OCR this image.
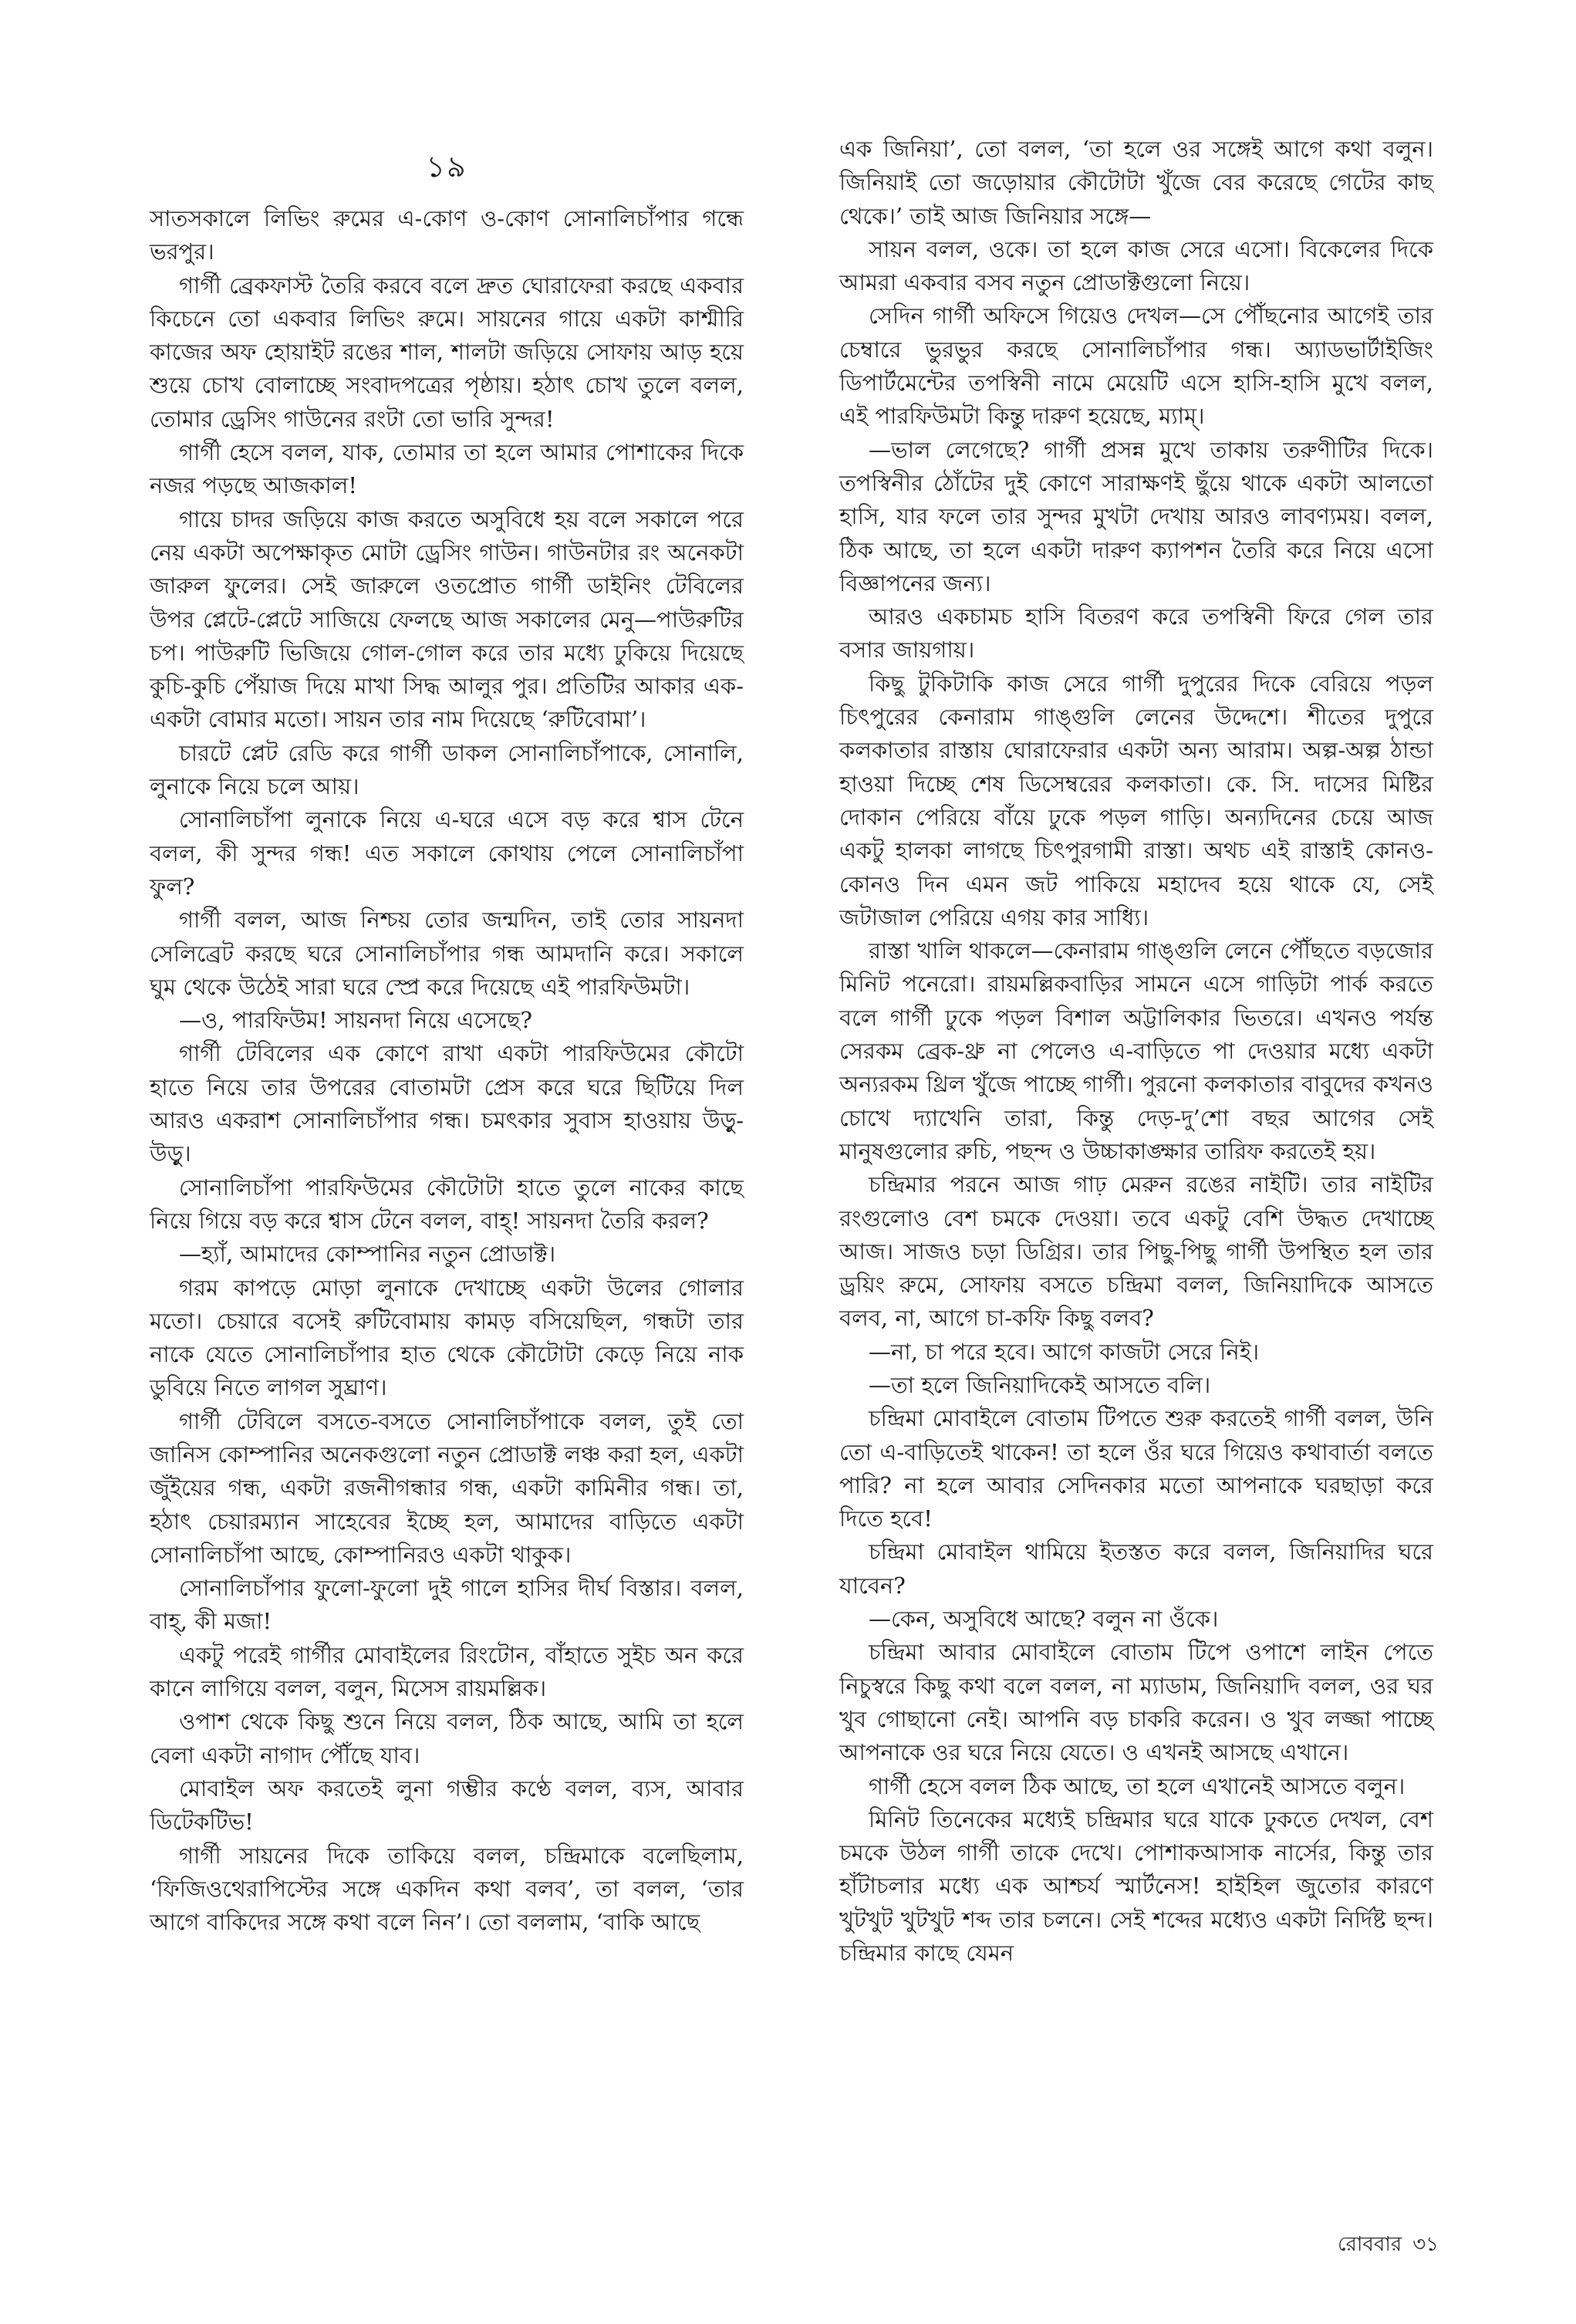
১৯

সাতসকালে লিভিং রুমের এ-কোণ ও-কোণ সোনালিচাঁপার গন্ধে ভরপুর।

গার্গী ব্রেকফাস্ট তৈরি করবে বলে দ্রুত ঘোরাফেরা করছে একবার কিচেনে তো একবার লিভিং রুমে। সায়নের গায়ে একটা কাশ্মীরি কাজের অফ হোয়াইট রঙের শাল, শালটা জড়িয়ে সোফায় আড় হয়ে শুয়ে চোখ বোলাচ্ছে সংবাদপত্রের পৃষ্ঠায়। হঠাৎ চোখ তুলে বলল, তোমার ড্রেসিং গাউনের রংটা তো ভারি সুন্দর!

গার্গী হেসে বলল, যাক, তোমার তা হলে আমার পোশাকের দিকে নজর পড়ছে আজকাল!

গায়ে চাদর জড়িয়ে কাজ করতে অসুবিধে হয় বলে সকালে পরে নেয় একটা অপেক্ষাকৃত মোটা ড্রেসিং গাউন। গাউনটার রং অনেকটা জারুল ফুলের। সেই জারুলে ওতপ্রোত গার্গী ডাইনিং টেবিলের উপর প্লেটে-প্লেটে সাজিয়ে ফেলছে আজ সকালের মেনু—পাউরুটির চপ। পাউরুটি ভিজিয়ে গোল-গোল করে তার মধ্যে ঢুকিয়ে দিয়েছে কুচি-কুচি পেঁয়াজ দিয়ে মাখা সিদ্ধ আলুর পুর। প্রতিটির আকার এক-একটা বোমার মতো। সায়ন তার নাম দিয়েছে ‘রুটিবোমা’।

চারটে প্লেট রেডি করে গার্গী ডাকল সোনালিচাঁপাকে, সোনালি, লুনাকে নিয়ে চলে আয়।

সোনালিচাঁপা লুনাকে নিয়ে এ-ঘরে এসে বড় করে শ্বাস টেনে বলল, কী সুন্দর গন্ধ! এত সকালে কোথায় পেলে সোনালিচাঁপা ফুল?

গার্গী বলল, আজ নিশ্চয় তোর জন্মদিন, তাই তোর সায়নদা সেলিব্রেট করছে ঘরে সোনালিচাঁপার গন্ধ আমদানি করে। সকালে ঘুম থেকে উঠেই সারা ঘরে স্প্রে করে দিয়েছে এই পারফিউমটা।

—ও, পারফিউম! সায়নদা নিয়ে এসেছে?

গার্গী টেবিলের এক কোণে রাখা একটা পারফিউমের কৌটো হাতে নিয়ে তার উপরের বোতামটা প্রেস করে ঘরে ছিটিয়ে দিল আরও একরাশ সোনালিচাঁপার গন্ধ। চমৎকার সুবাস হাওয়ায় উড়ু-উড়ু।

সোনালিচাঁপা পারফিউমের কৌটোটা হাতে তুলে নাকের কাছে নিয়ে গিয়ে বড় করে শ্বাস টেনে বলল, বাহ্! সায়নদা তৈরি করল?

—হ্যাঁ, আমাদের কোম্পানির নতুন প্রোডাক্ট।

গরম কাপড়ে মোড়া লুনাকে দেখাচ্ছে একটা উলের গোলার মতো। চেয়ারে বসেই রুটিবোমায় কামড় বসিয়েছিল, গন্ধটা তার নাকে যেতে সোনালিচাঁপার হাত থেকে কৌটোটা কেড়ে নিয়ে নাক ডুবিয়ে নিতে লাগল সুঘ্রাণ।

গার্গী টেবিলে বসতে-বসতে সোনালিচাঁপাকে বলল, তুই তো জানিস কোম্পানির অনেকগুলো নতুন প্রোডাক্ট লঞ্চ করা হল, একটা জুঁইয়ের গন্ধ, একটা রজনীগন্ধার গন্ধ, একটা কামিনীর গন্ধ। তা, হঠাৎ চেয়ারম্যান সাহেবের ইচ্ছে হল, আমাদের বাড়িতে একটা সোনালিচাঁপা আছে, কোম্পানিরও একটা থাকুক।

সোনালিচাঁপার ফুলো-ফুলো দুই গালে হাসির দীর্ঘ বিস্তার। বলল, বাহ্, কী মজা!

একটু পরেই গার্গীর মোবাইলের রিংটোন, বাঁহাতে সুইচ অন করে কানে লাগিয়ে বলল, বলুন, মিসেস রায়মল্লিক।

ওপাশ থেকে কিছু শুনে নিয়ে বলল, ঠিক আছে, আমি তা হলে বেলা একটা নাগাদ পৌঁছে যাব।

মোবাইল অফ করতেই লুনা গম্ভীর কণ্ঠে বলল, ব্যস, আবার ডিটেকটিভ!

গার্গী সায়নের দিকে তাকিয়ে বলল, চন্দ্রিমাকে বলেছিলাম, ‘ফিজিওথেরাপিস্টের সঙ্গে একদিন কথা বলব’, তা বলল, ‘তার আগে বাকিদের সঙ্গে কথা বলে নিন’। তো বললাম, ‘বাকি আছে

এক জিনিয়া’, তো বলল, ‘তা হলে ওর সঙ্গেই আগে কথা বলুন। জিনিয়াই তো জড়োয়ার কৌটোটা খুঁজে বের করেছে গেটের কাছ থেকে।’ তাই আজ জিনিয়ার সঙ্গে—

সায়ন বলল, ওকে। তা হলে কাজ সেরে এসো। বিকেলের দিকে আমরা একবার বসব নতুন প্রোডাক্টগুলো নিয়ে।

সেদিন গার্গী অফিসে গিয়েও দেখল—সে পৌঁছনোর আগেই তার চেম্বারে ভুরভুর করছে সোনালিচাঁপার গন্ধ। অ্যাডভার্টাইজিং ডিপার্টমেন্টের তপস্বিনী নামে মেয়েটি এসে হাসি-হাসি মুখে বলল, এই পারফিউমটা কিন্তু দারুণ হয়েছে, ম্যাম্।

—ভাল লেগেছে? গার্গী প্রসন্ন মুখে তাকায় তরুণীটির দিকে। তপস্বিনীর ঠোঁটের দুই কোণে সারাক্ষণই ছুঁয়ে থাকে একটা আলতো হাসি, যার ফলে তার সুন্দর মুখটা দেখায় আরও লাবণ্যময়। বলল, ঠিক আছে, তা হলে একটা দারুণ ক্যাপশন তৈরি করে নিয়ে এসো বিজ্ঞাপনের জন্য।

আরও একচামচ হাসি বিতরণ করে তপস্বিনী ফিরে গেল তার বসার জায়গায়।

কিছু টুকিটাকি কাজ সেরে গার্গী দুপুরের দিকে বেরিয়ে পড়ল চিৎপুরের কেনারাম গাঙ্গুলি লেনের উদ্দেশে। শীতের দুপুরে কলকাতার রাস্তায় ঘোরাফেরার একটা অন্য আরাম। অল্প-অল্প ঠান্ডা হাওয়া দিচ্ছে শেষ ডিসেম্বরের কলকাতা। কে. সি. দাসের মিষ্টির দোকান পেরিয়ে বাঁয়ে ঢুকে পড়ল গাড়ি। অন্যদিনের চেয়ে আজ একটু হালকা লাগছে চিৎপুরগামী রাস্তা। অথচ এই রাস্তাই কোনও-কোনও দিন এমন জট পাকিয়ে মহাদেব হয়ে থাকে যে, সেই জটাজাল পেরিয়ে এগয় কার সাধ্যি।

রাস্তা খালি থাকলে—কেনারাম গাঙ্গুলি লেনে পৌঁছতে বড়জোর মিনিট পনেরো। রায়মল্লিকবাড়ির সামনে এসে গাড়িটা পার্ক করতে বলে গার্গী ঢুকে পড়ল বিশাল অট্টালিকার ভিতরে। এখনও পর্যন্ত সেরকম ব্রেক-থ্রু না পেলেও এ-বাড়িতে পা দেওয়ার মধ্যে একটা অন্যরকম থ্রিল খুঁজে পাচ্ছে গার্গী। পুরনো কলকাতার বাবুদের কখনও চোখে দ্যাখেনি তারা, কিন্তু দেড়-দু’শো বছর আগের সেই মানুষগুলোর রুচি, পছন্দ ও উচ্চাকাঙ্ক্ষার তারিফ করতেই হয়।

চন্দ্রিমার পরনে আজ গাঢ় মেরুন রঙের নাইটি। তার নাইটির রংগুলোও বেশ চমকে দেওয়া। তবে একটু বেশি উদ্ধত দেখাচ্ছে আজ। সাজও চড়া ডিগ্রির। তার পিছু-পিছু গার্গী উপস্থিত হল তার ড্রয়িং রুমে, সোফায় বসতে চন্দ্রিমা বলল, জিনিয়াদিকে আসতে বলব, না, আগে চা-কফি কিছু বলব?

—না, চা পরে হবে। আগে কাজটা সেরে নিই।

—তা হলে জিনিয়াদিকেই আসতে বলি।

চন্দ্রিমা মোবাইলে বোতাম টিপতে শুরু করতেই গার্গী বলল, উনি তো এ-বাড়িতেই থাকেন! তা হলে ওঁর ঘরে গিয়েও কথাবার্তা বলতে পারি? না হলে আবার সেদিনকার মতো আপনাকে ঘরছাড়া করে দিতে হবে!

চন্দ্রিমা মোবাইল থামিয়ে ইতস্তত করে বলল, জিনিয়াদির ঘরে যাবেন?

—কেন, অসুবিধে আছে? বলুন না ওঁকে।

চন্দ্রিমা আবার মোবাইলে বোতাম টিপে ওপাশে লাইন পেতে নিচুস্বরে কিছু কথা বলে বলল, না ম্যাডাম, জিনিয়াদি বলল, ওর ঘর খুব গোছানো নেই। আপনি বড় চাকরি করেন। ও খুব লজ্জা পাচ্ছে আপনাকে ওর ঘরে নিয়ে যেতে। ও এখনই আসছে এখানে।

গার্গী হেসে বলল ঠিক আছে, তা হলে এখানেই আসতে বলুন।

মিনিট তিনেকের মধ্যেই চন্দ্রিমার ঘরে যাকে ঢুকতে দেখল, বেশ চমকে উঠল গার্গী তাকে দেখে। পোশাকআসাক নার্সের, কিন্তু তার হাঁটাচলার মধ্যে এক আশ্চর্য স্মার্টনেস! হাইহিল জুতোর কারণে খুটখুট খুটখুট শব্দ তার চলনে। সেই শব্দের মধ্যেও একটা নির্দিষ্ট ছন্দ। চন্দ্রিমার কাছে যেমন

রোববার ৩১
